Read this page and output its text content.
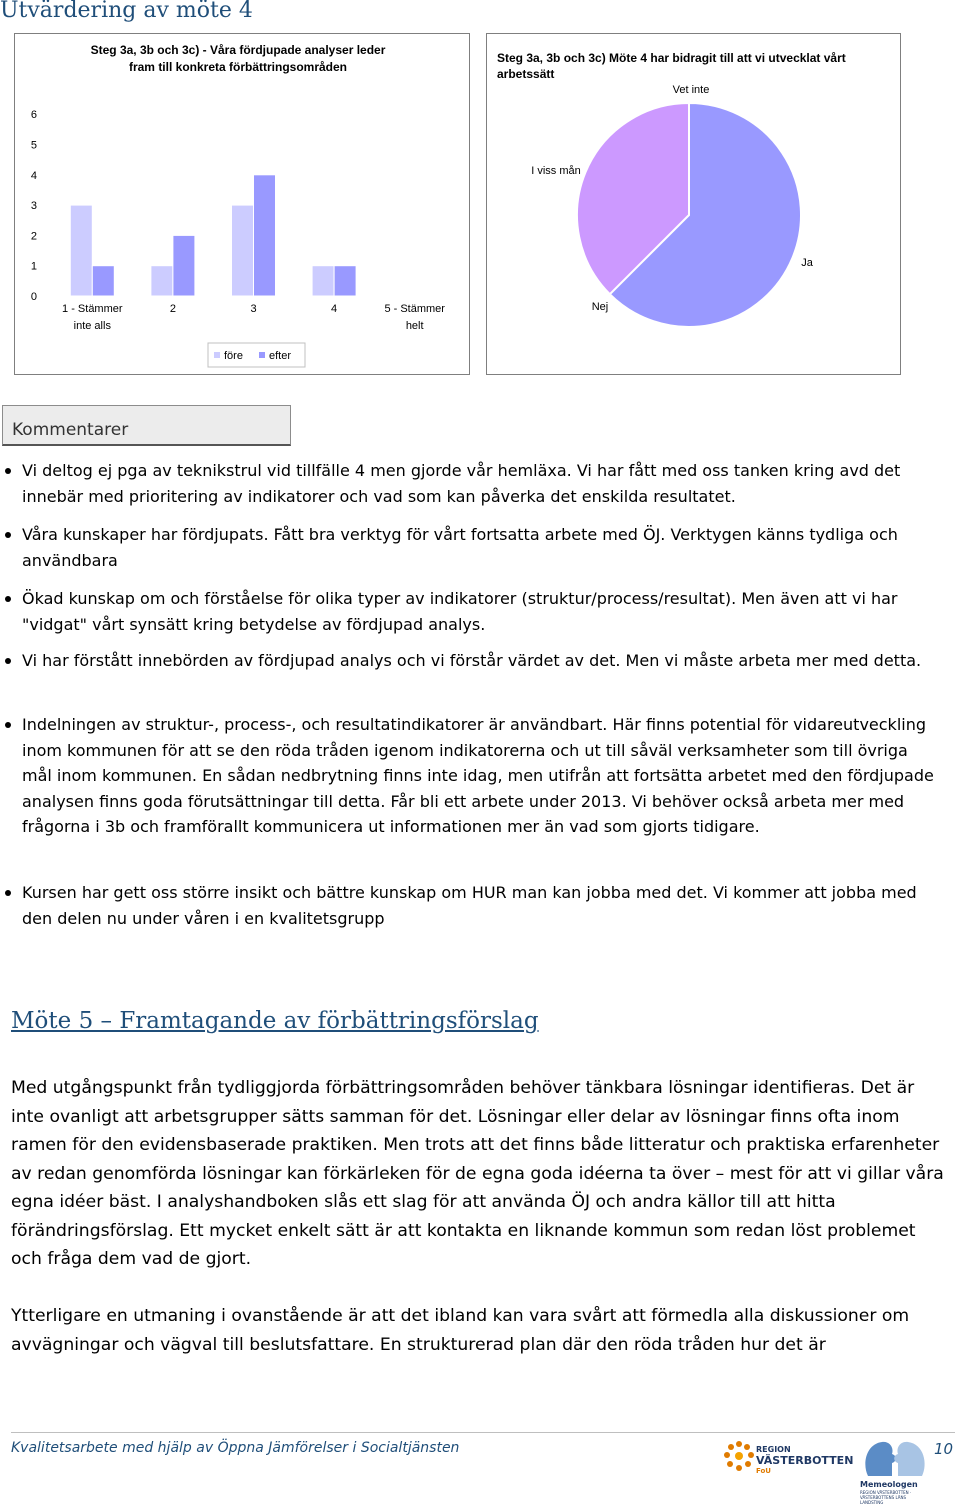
Utvärdering av möte 4
Steg 3a, 3b och 3c) - Våra fördjupade analyser leder
fram till konkreta förbättringsområden
0
1
2
3
4
5
6
1 - Stämmer
inte alls
2	3	4	5 - Stämmer
helt
före efter
Steg 3a, 3b och 3c) Möte 4 har bidragit till att vi utvecklat vårt
arbetssätt
Ja
Nej
I viss mån
Vet inte
Kommentarer
Vi deltog ej pga av teknikstrul vid tillfälle 4 men gjorde vår hemläxa. Vi har fått med oss tanken kring avd det innebär med prioritering av indikatorer och vad som kan påverka det enskilda resultatet.
Våra kunskaper har fördjupats. Fått bra verktyg för vårt fortsatta arbete med ÖJ. Verktygen känns tydliga och användbara
Ökad kunskap om och förståelse för olika typer av indikatorer (struktur/process/resultat). Men även att vi har "vidgat" vårt synsätt kring betydelse av fördjupad analys.
Vi har förstått innebörden av fördjupad analys och vi förstår värdet av det. Men vi måste arbeta mer med detta.
Indelningen av struktur-, process-, och resultatindikatorer är användbart. Här finns potential för vidareutveckling inom kommunen för att se den röda tråden igenom indikatorerna och ut till såväl verksamheter som till övriga mål inom kommunen. En sådan nedbrytning finns inte idag, men utifrån att fortsätta arbetet med den fördjupade analysen finns goda förutsättningar till detta. Får bli ett arbete under 2013. Vi behöver också arbeta mer med frågorna i 3b och framförallt kommunicera ut informationen mer än vad som gjorts tidigare.
Kursen har gett oss större insikt och bättre kunskap om HUR man kan jobba med det. Vi kommer att jobba med den delen nu under våren i en kvalitetsgrupp
Möte 5 – Framtagande av förbättringsförslag
Med utgångspunkt från tydliggjorda förbättringsområden behöver tänkbara lösningar identifieras. Det är inte ovanligt att arbetsgrupper sätts samman för det. Lösningar eller delar av lösningar finns ofta inom ramen för den evidensbaserade praktiken. Men trots att det finns både litteratur och praktiska erfarenheter av redan genomförda lösningar kan förkärleken för de egna goda idéerna ta över – mest för att vi gillar våra egna idéer bäst. I analyshandboken slås ett slag för att använda ÖJ och andra källor till att hitta förändringsförslag. Ett mycket enkelt sätt är att kontakta en liknande kommun som redan löst problemet och fråga dem vad de gjort.
Ytterligare en utmaning i ovanstående är att det ibland kan vara svårt att förmedla alla diskussioner om avvägningar och vägval till beslutsfattare. En strukturerad plan där den röda tråden hur det är
Kvalitetsarbete med hjälp av Öppna Jämförelser i Socialtjänsten	REGION
VÄSTERBOTTEN
FoU
Memeologen
REGION VÄSTERBOTTEN · VÄSTERBOTTENS LÄNS LANDSTING
10
